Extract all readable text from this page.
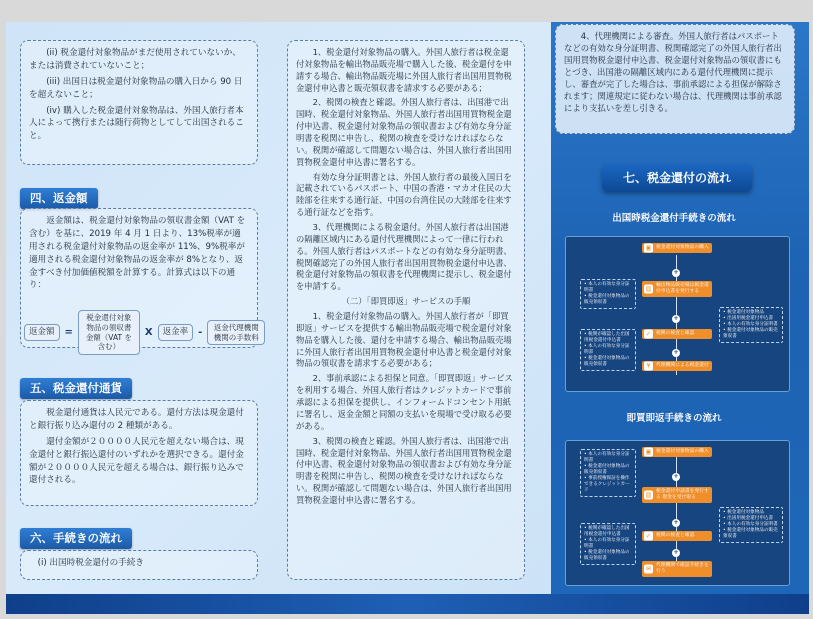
(ii) 税金還付対象物品がまだ使用されていないか、または消費されていないこと；

(iii) 出国日は税金還付対象物品の購入日から 90 日を超えないこと；

(iv) 購入した税金還付対象物品は、外国人旅行者本人によって携行または随行荷物としてして出国されること。

四、返金額

返金額は、税金還付対象物品の領収書金額（VAT を含む）を基に、2019 年 4 月 1 日より、13%税率が適用される税金還付対象物品の返金率が 11%、9%税率が適用される税金還付対象物品の返金率が 8%となり、返金すべき付加価値税額を計算する。計算式は以下の通り：

返金額	=
税金還付対象物品の領収書金額（VAT を含む）
X	返金率	-	返金代理機関機関の手数料
五、税金還付通貨

税金還付通貨は人民元である。還付方法は現金還付と銀行振り込み還付の 2 種類がある。

還付金額が２００００人民元を超えない場合は、現金還付と銀行振込還付のいずれかを選択できる。還付金額が２００００人民元を超える場合は、銀行振り込みで還付される。

六、手続きの流れ

(i) 出国時税金還付の手続き

1、税金還付対象物品の購入。外国人旅行者は税金還付対象物品を輸出物品販売場で購入した後、税金還付を申請する場合、輸出物品販売場に外国人旅行者出国用買物税金還付申込書と販売領収書を請求する必要がある；

2、税関の検査と確認。外国人旅行者は、出国港で出国時、税金還付対象物品、外国人旅行者出国用買物税金還付申込書、税金還付対象物品の領収書および有効な身分証明書を税関に申告し、税関の検査を受けなければならない。税関が確認して問題ない場合は、外国人旅行者出国用買物税金還付申込書に署名する。

有効な身分証明書とは、外国人旅行者の最後入国日を記載されているパスポート、中国の香港・マカオ住民の大陸部を往来する通行証、中国の台湾住民の大陸部を往来する通行証などを指す。

3、代理機関による税金還付。外国人旅行者は出国港の隔離区域内にある還付代理機関によって一律に行われる。外国人旅行者はパスポートなどの有効な身分証明書、税関確認完了の外国人旅行者出国用買物税金還付申込書、税金還付対象物品の領収書を代理機関に提示し、税金還付を申請する。

（二）「即買即返」サービスの手順

1、税金還付対象物品の購入。外国人旅行者が「即買即返」サービスを提供する輸出物品販売場で税金還付対象物品を購入した後、還付を申請する場合、輸出物品販売場に外国人旅行者出国用買物税金還付申込書と税金還付対象物品の領収書を請求する必要がある；

2、事前承認による担保と同意。「即買即返」サービスを利用する場合、外国人旅行者はクレジットカードで事前承認による担保を提供し、インフォームドコンセント用紙に署名し、返金金額と同額の支払いを現場で受け取る必要がある。

3、税関の検査と確認。外国人旅行者は、出国港で出国時、税金還付対象物品、外国人旅行者出国用買物税金還付申込書、税金還付対象物品の領収書および有効な身分証明書を税関に申告し、税関の検査を受けなければならない。税関が確認して問題ない場合は、外国人旅行者出国用買物税金還付申込書に署名する。

4、代理機関による審査。外国人旅行者はパスポートなどの有効な身分証明書、税関確認完了の外国人旅行者出国用買物税金還付申込書、税金還付対象物品の領収書にもとづき、出国港の隔離区域内にある還付代理機関に提示し、審査が完了した場合は、事前承認による担保が解除されます；関連規定に従わない場合は、代理機関は事前承認により支払いを差し引きる。

七、税金還付の流れ
出国時税金還付手続きの流れ
▣ 税金還付対象物品の購入
+
▤ 輸出物品販売場は税金還付申込書を発行する
+
✓	税関の検査と確認
+
¥	代理機関による税金還付
• 本人の有効な身分証明書
• 税金還付対象物品の販売領収書
• 税関が確認した出国用税金還付申込書
• 本人の有効な身分証明書
• 税金還付対象物品の販売領収書
• 税金還付対象物品
• 出国用税金還付申込書
• 本人の有効な身分証明書
• 税金還付対象物品の販売領収書
即買即返手続きの流れ
▣ 税金還付対象物品の購入
+
▤ 税金還付申請書を発行する 現金を受け取る
+
✓	税関の検査と確認
+
✉	代理機関で確認手続きを行う
• 本人の有効な身分証明書
• 税金還付対象物品の販売領収書
• 事前授権保証を操作できるクレジットカード
• 税関が確認した出国用税金還付申込書
• 本人の有効な身分証明書
• 税金還付対象物品の販売領収書
• 税金還付対象物品
• 出国用税金還付申込書
• 本人の有効な身分証明書
• 税金還付対象物品の販売領収書
